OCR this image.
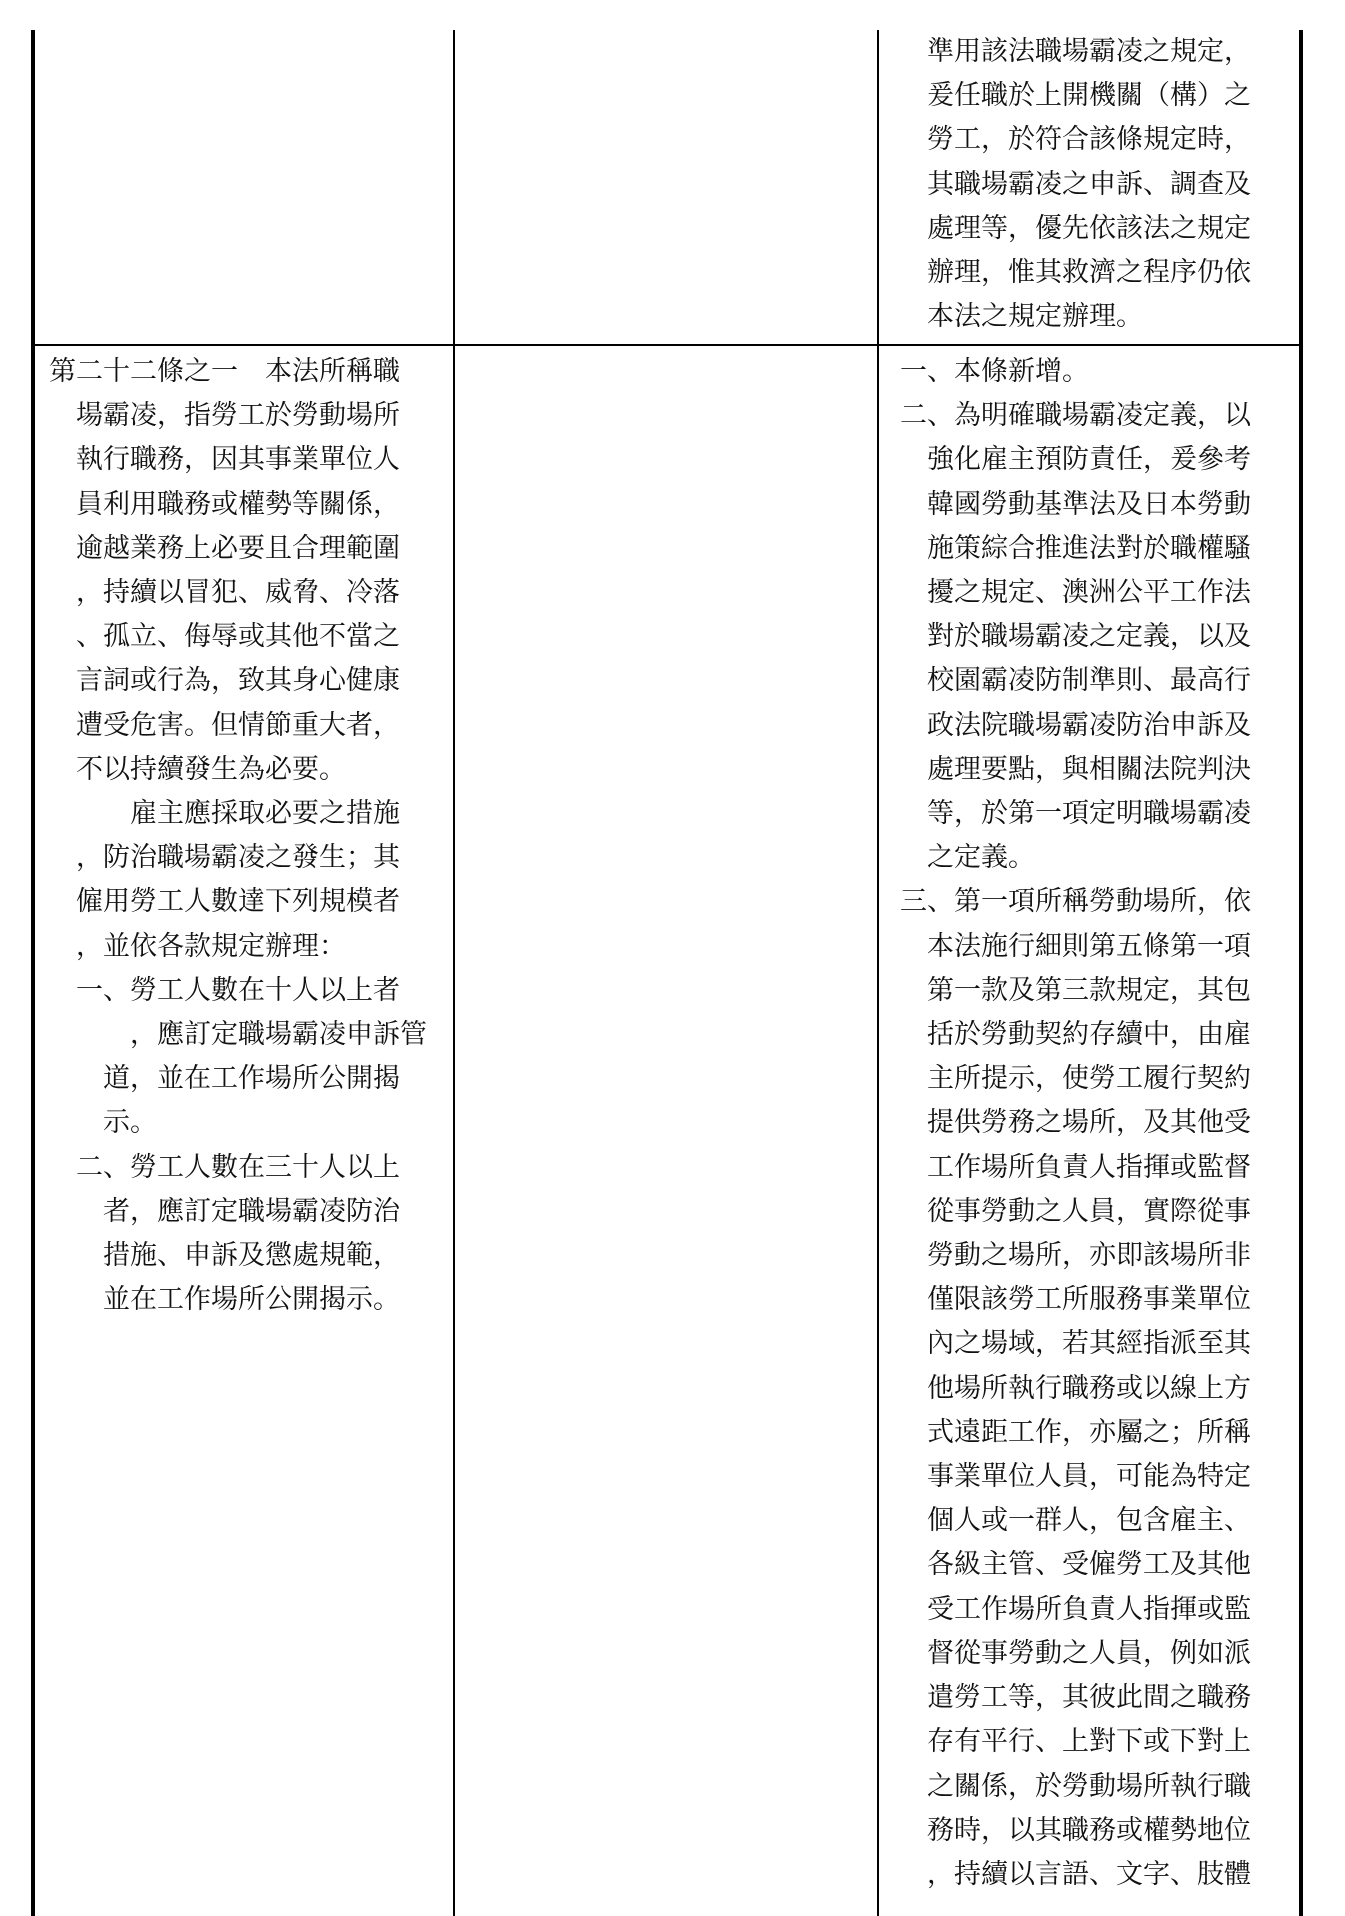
準用該法職場霸凌之規定，

爰任職於上開機關（構）之

勞工，於符合該條規定時，

其職場霸凌之申訴、調查及

處理等，優先依該法之規定

辦理，惟其救濟之程序仍依

本法之規定辦理。

第二十二條之一　本法所稱職

場霸凌，指勞工於勞動場所

執行職務，因其事業單位人

員利用職務或權勢等關係，

逾越業務上必要且合理範圍

，持續以冒犯、威脅、冷落

、孤立、侮辱或其他不當之

言詞或行為，致其身心健康

遭受危害。但情節重大者，

不以持續發生為必要。

雇主應採取必要之措施

，防治職場霸凌之發生；其

僱用勞工人數達下列規模者

，並依各款規定辦理：

一、勞工人數在十人以上者

，應訂定職場霸凌申訴管

道，並在工作場所公開揭

示。

二、勞工人數在三十人以上

者，應訂定職場霸凌防治

措施、申訴及懲處規範，

並在工作場所公開揭示。

一、本條新增。

二、為明確職場霸凌定義，以

強化雇主預防責任，爰參考

韓國勞動基準法及日本勞動

施策綜合推進法對於職權騷

擾之規定、澳洲公平工作法

對於職場霸凌之定義，以及

校園霸凌防制準則、最高行

政法院職場霸凌防治申訴及

處理要點，與相關法院判決

等，於第一項定明職場霸凌

之定義。

三、第一項所稱勞動場所，依

本法施行細則第五條第一項

第一款及第三款規定，其包

括於勞動契約存續中，由雇

主所提示，使勞工履行契約

提供勞務之場所，及其他受

工作場所負責人指揮或監督

從事勞動之人員，實際從事

勞動之場所，亦即該場所非

僅限該勞工所服務事業單位

內之場域，若其經指派至其

他場所執行職務或以線上方

式遠距工作，亦屬之；所稱

事業單位人員，可能為特定

個人或一群人，包含雇主、

各級主管、受僱勞工及其他

受工作場所負責人指揮或監

督從事勞動之人員，例如派

遣勞工等，其彼此間之職務

存有平行、上對下或下對上

之關係，於勞動場所執行職

務時，以其職務或權勢地位

，持續以言語、文字、肢體
